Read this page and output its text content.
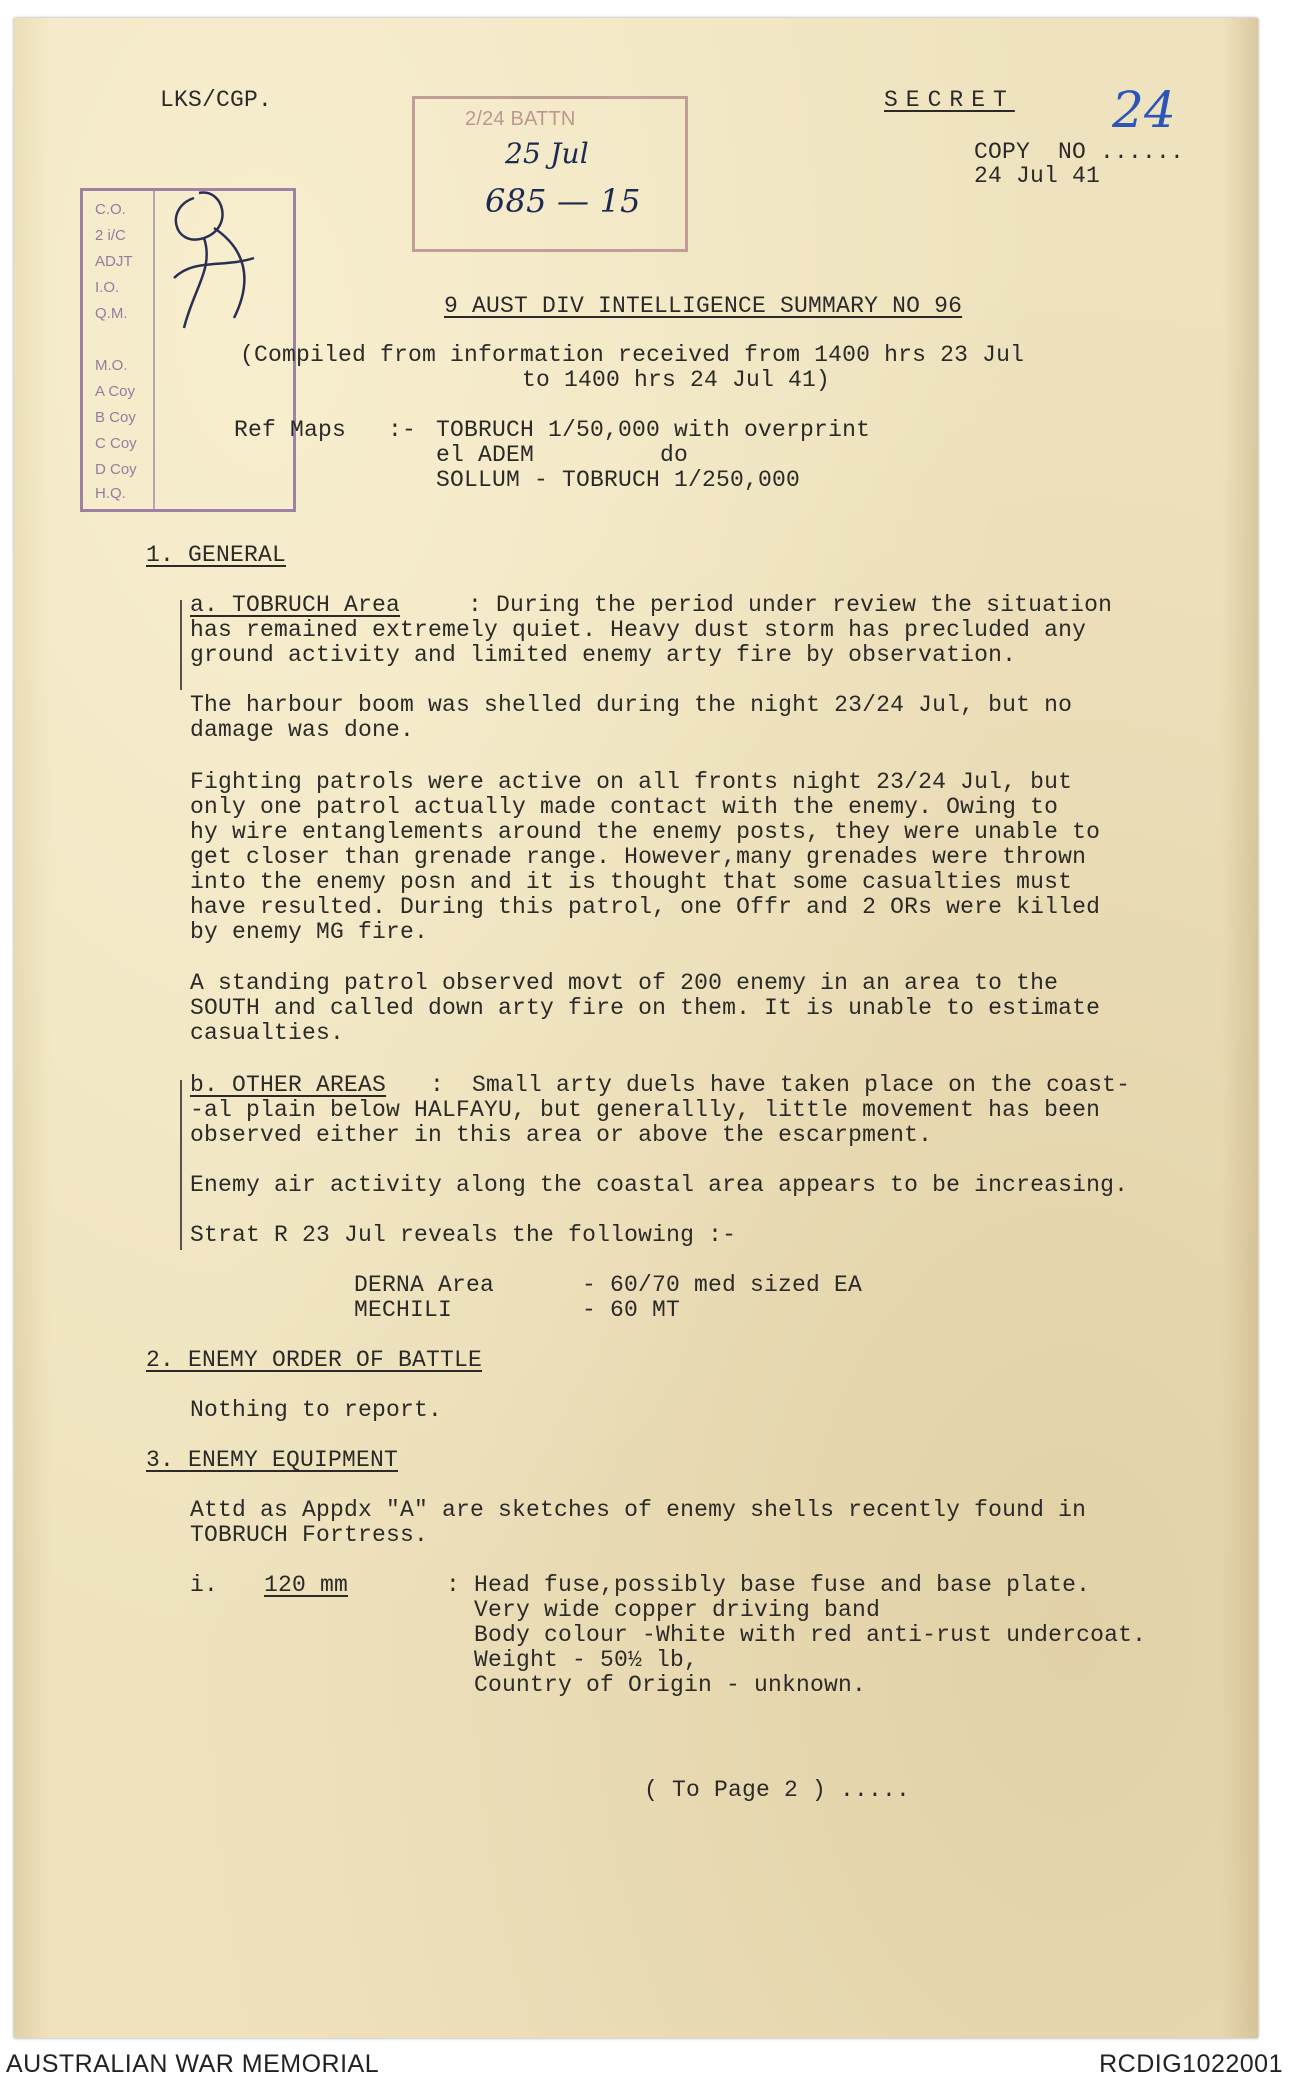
LKS/CGP.	SECRET
COPY  NO ......
24
24 Jul 41
2/24 BATTN
25 Jul
685 — 15
C.O.
2 i/C
ADJT
I.O.
Q.M.
M.O.
A Coy
B Coy
C Coy
D Coy
H.Q.
9 AUST DIV INTELLIGENCE SUMMARY NO 96
(Compiled from information received from 1400 hrs 23 Jul
to 1400 hrs 24 Jul 41)
Ref Maps :- TOBRUCH 1/50,000 with overprint
el ADEM         do
SOLLUM - TOBRUCH 1/250,000
1. GENERAL
a. TOBRUCH Area : During the period under review the situation
has remained extremely quiet. Heavy dust storm has precluded any
ground activity and limited enemy arty fire by observation.
The harbour boom was shelled during the night 23/24 Jul, but no
damage was done.
Fighting patrols were active on all fronts night 23/24 Jul, but
only one patrol actually made contact with the enemy. Owing to
hy wire entanglements around the enemy posts, they were unable to
get closer than grenade range. However,many grenades were thrown
into the enemy posn and it is thought that some casualties must
have resulted. During this patrol, one Offr and 2 ORs were killed
by enemy MG fire.
A standing patrol observed movt of 200 enemy in an area to the
SOUTH and called down arty fire on them. It is unable to estimate
casualties.
b. OTHER AREAS :  Small arty duels have taken place on the coast-
-al plain below HALFAYU, but generallly, little movement has been
observed either in this area or above the escarpment.
Enemy air activity along the coastal area appears to be increasing.
Strat R 23 Jul reveals the following :-
DERNA Area	- 60/70 med sized EA
MECHILI	- 60 MT
2. ENEMY ORDER OF BATTLE
Nothing to report.
3. ENEMY EQUIPMENT
Attd as Appdx "A" are sketches of enemy shells recently found in
TOBRUCH Fortress.
i. 120 mm	: Head fuse,possibly base fuse and base plate.
Very wide copper driving band
Body colour -White with red anti-rust undercoat.
Weight - 50½ lb,
Country of Origin - unknown.
( To Page 2 ) .....
AUSTRALIAN WAR MEMORIAL	RCDIG1022001
